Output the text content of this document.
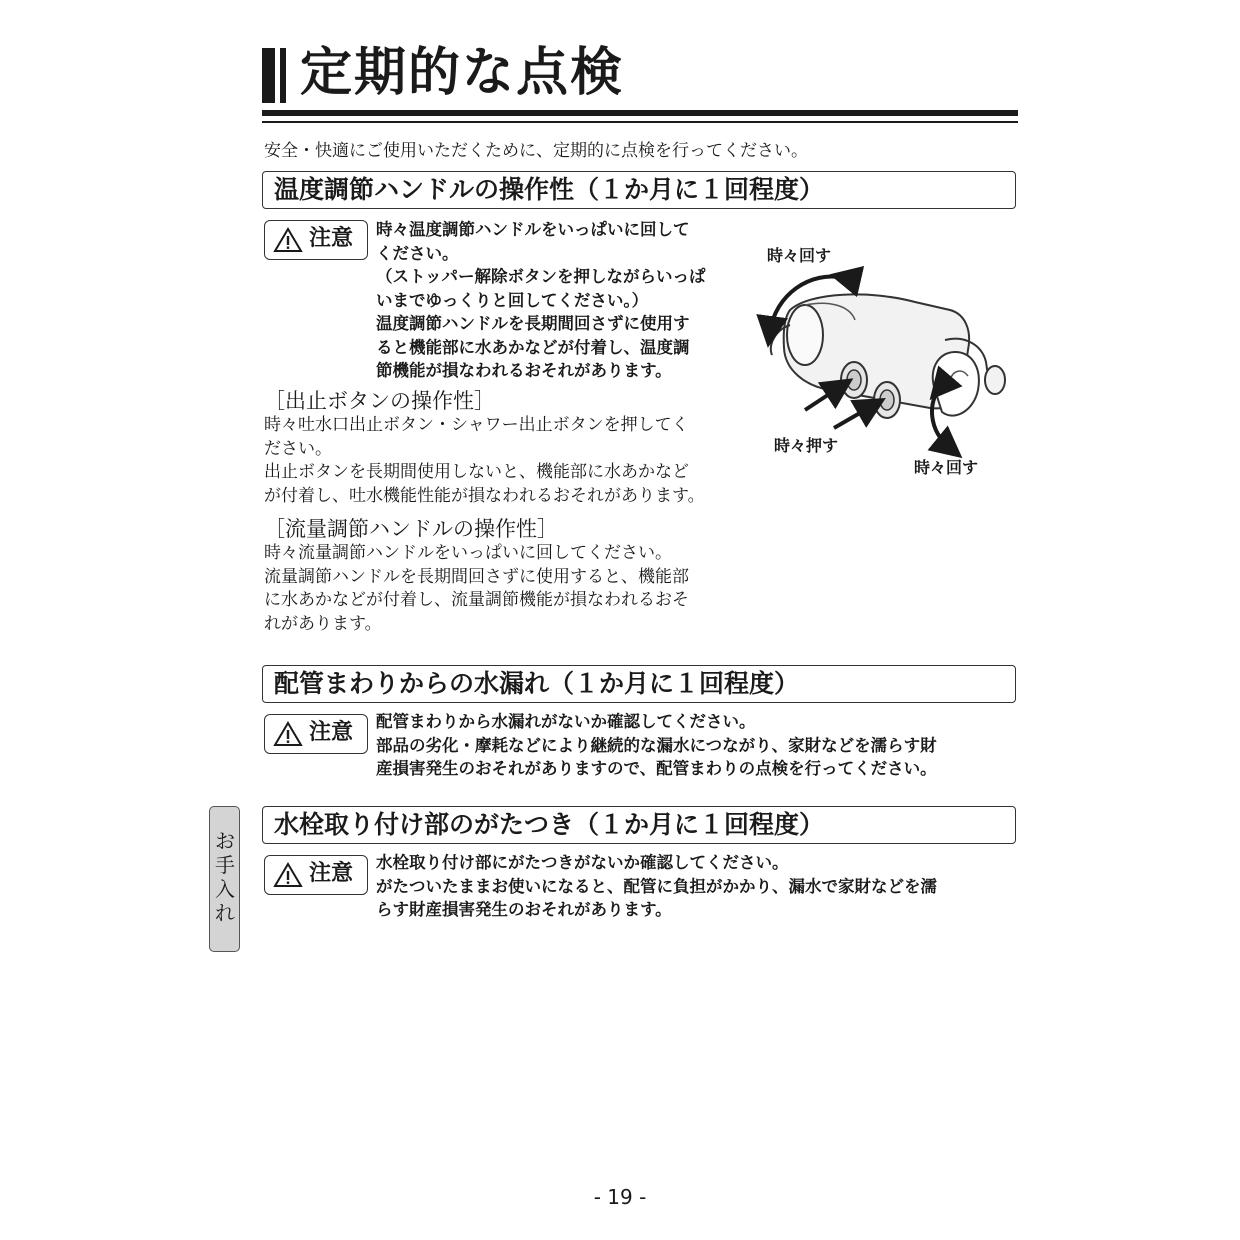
定期的な点検
安全・快適にご使用いただくために、定期的に点検を行ってください。
温度調節ハンドルの操作性（１か月に１回程度）
注意 時々温度調節ハンドルをいっぱいに回して
ください。
（ストッパー解除ボタンを押しながらいっぱ
いまでゆっくりと回してください。）
温度調節ハンドルを長期間回さずに使用す
ると機能部に水あかなどが付着し、温度調
節機能が損なわれるおそれがあります。
［出止ボタンの操作性］
時々吐水口出止ボタン・シャワー出止ボタンを押してく
ださい。
出止ボタンを長期間使用しないと、機能部に水あかなど
が付着し、吐水機能性能が損なわれるおそれがあります。
［流量調節ハンドルの操作性］
時々流量調節ハンドルをいっぱいに回してください。
流量調節ハンドルを長期間回さずに使用すると、機能部
に水あかなどが付着し、流量調節機能が損なわれるおそ
れがあります。
時々回す
時々押す
時々回す
配管まわりからの水漏れ（１か月に１回程度）
注意 配管まわりから水漏れがないか確認してください。
部品の劣化・摩耗などにより継続的な漏水につながり、家財などを濡らす財
産損害発生のおそれがありますので、配管まわりの点検を行ってください。
水栓取り付け部のがたつき（１か月に１回程度）
注意 水栓取り付け部にがたつきがないか確認してください。
がたついたままお使いになると、配管に負担がかかり、漏水で家財などを濡
らす財産損害発生のおそれがあります。
お手入れ
- 19 -
